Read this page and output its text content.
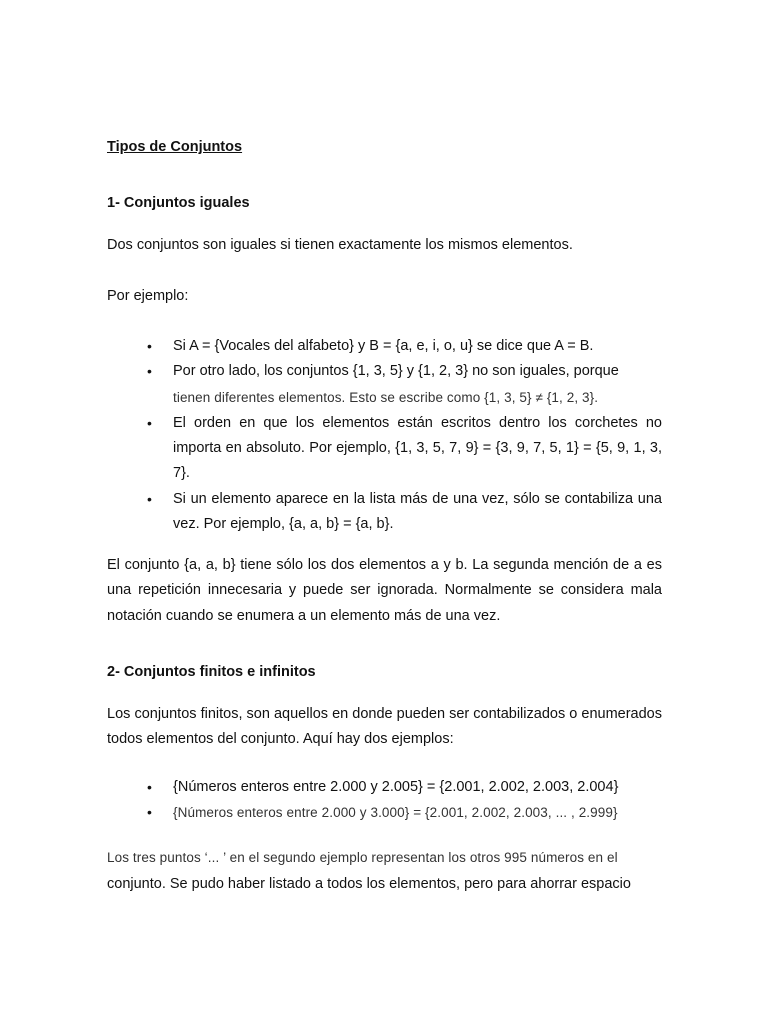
Tipos de Conjuntos
1- Conjuntos iguales

Dos conjuntos son iguales si tienen exactamente los mismos elementos.

Por ejemplo:

• Si A = {Vocales del alfabeto} y B = {a, e, i, o, u} se dice que A = B.
• Por otro lado, los conjuntos {1, 3, 5} y {1, 2, 3} no son iguales, porque
tienen diferentes elementos. Esto se escribe como {1, 3, 5} ≠ {1, 2, 3}.
• El orden en que los elementos están escritos dentro los corchetes no importa en absoluto. Por ejemplo, {1, 3, 5, 7, 9} = {3, 9, 7, 5, 1} = {5, 9, 1, 3, 7}.
• Si un elemento aparece en la lista más de una vez, sólo se contabiliza una vez. Por ejemplo, {a, a, b} = {a, b}.

El conjunto {a, a, b} tiene sólo los dos elementos a y b. La segunda mención de a es una repetición innecesaria y puede ser ignorada. Normalmente se considera mala notación cuando se enumera a un elemento más de una vez.

2- Conjuntos finitos e infinitos

Los conjuntos finitos, son aquellos en donde pueden ser contabilizados o enumerados todos elementos del conjunto. Aquí hay dos ejemplos:

• {Números enteros entre 2.000 y 2.005} = {2.001, 2.002, 2.003, 2.004}
• {Números enteros entre 2.000 y 3.000} = {2.001, 2.002, 2.003, ... , 2.999}

Los tres puntos ‘... ’ en el segundo ejemplo representan los otros 995 números en el

conjunto. Se pudo haber listado a todos los elementos, pero para ahorrar espacio
